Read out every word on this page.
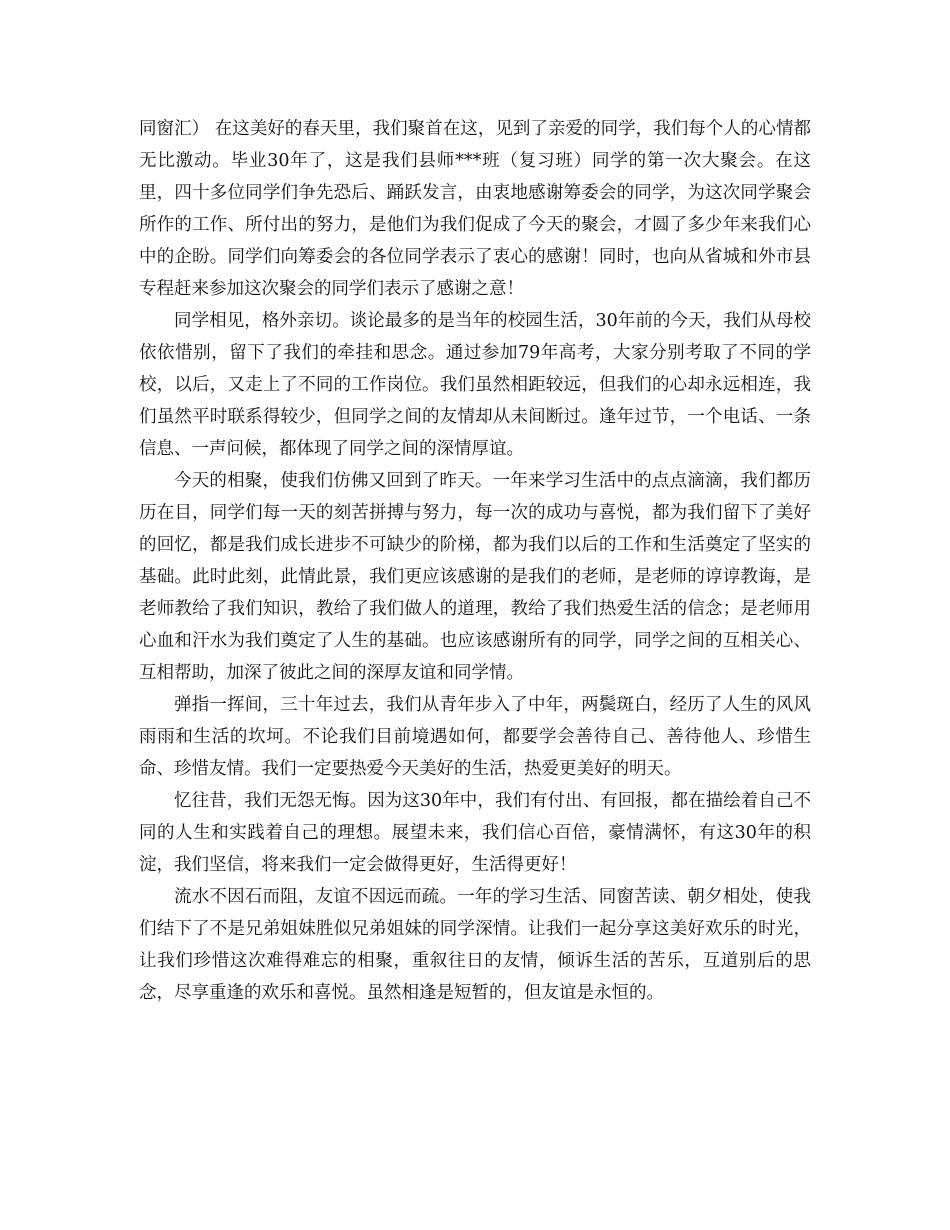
同窗汇） 在这美好的春天里，我们聚首在这，见到了亲爱的同学，我们每个人的心情都无比激动。毕业30年了，这是我们县师***班（复习班）同学的第一次大聚会。在这里，四十多位同学们争先恐后、踊跃发言，由衷地感谢筹委会的同学，为这次同学聚会所作的工作、所付出的努力，是他们为我们促成了今天的聚会，才圆了多少年来我们心中的企盼。同学们向筹委会的各位同学表示了衷心的感谢！同时，也向从省城和外市县专程赶来参加这次聚会的同学们表示了感谢之意！

同学相见，格外亲切。谈论最多的是当年的校园生活，30年前的今天，我们从母校依依惜别，留下了我们的牵挂和思念。通过参加79年高考，大家分别考取了不同的学校，以后，又走上了不同的工作岗位。我们虽然相距较远，但我们的心却永远相连，我们虽然平时联系得较少，但同学之间的友情却从未间断过。逢年过节，一个电话、一条信息、一声问候，都体现了同学之间的深情厚谊。

今天的相聚，使我们仿佛又回到了昨天。一年来学习生活中的点点滴滴，我们都历历在目，同学们每一天的刻苦拼搏与努力，每一次的成功与喜悦，都为我们留下了美好的回忆，都是我们成长进步不可缺少的阶梯，都为我们以后的工作和生活奠定了坚实的基础。此时此刻，此情此景，我们更应该感谢的是我们的老师，是老师的谆谆教诲，是老师教给了我们知识，教给了我们做人的道理，教给了我们热爱生活的信念；是老师用心血和汗水为我们奠定了人生的基础。也应该感谢所有的同学，同学之间的互相关心、互相帮助，加深了彼此之间的深厚友谊和同学情。

弹指一挥间，三十年过去，我们从青年步入了中年，两鬓斑白，经历了人生的风风雨雨和生活的坎坷。不论我们目前境遇如何，都要学会善待自己、善待他人、珍惜生命、珍惜友情。我们一定要热爱今天美好的生活，热爱更美好的明天。

忆往昔，我们无怨无悔。因为这30年中，我们有付出、有回报，都在描绘着自己不同的人生和实践着自己的理想。展望未来，我们信心百倍，豪情满怀，有这30年的积淀，我们坚信，将来我们一定会做得更好，生活得更好！

流水不因石而阻，友谊不因远而疏。一年的学习生活、同窗苦读、朝夕相处，使我们结下了不是兄弟姐妹胜似兄弟姐妹的同学深情。让我们一起分享这美好欢乐的时光，让我们珍惜这次难得难忘的相聚，重叙往日的友情，倾诉生活的苦乐，互道别后的思念，尽享重逢的欢乐和喜悦。虽然相逢是短暂的，但友谊是永恒的。
